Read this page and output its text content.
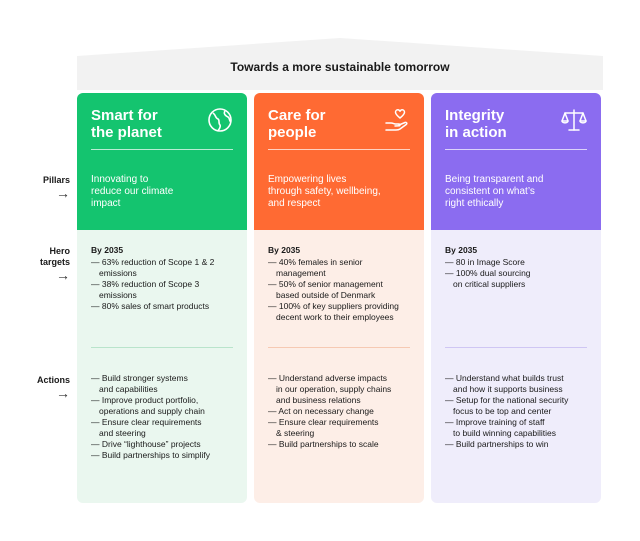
Towards a more sustainable tomorrow
Pillars
→
Hero
targets
→
Actions
→
Smart for
the planet
Innovating to
reduce our climate
impact
By 2035
— 63% reduction of Scope 1 & 2
emissions
— 38% reduction of Scope 3
emissions
— 80% sales of smart products
— Build stronger systems
and capabilities
— Improve product portfolio,
operations and supply chain
— Ensure clear requirements
and steering
— Drive “lighthouse” projects
— Build partnerships to simplify
Care for
people
Empowering lives
through safety, wellbeing,
and respect
By 2035
— 40% females in senior
management
— 50% of senior management
based outside of Denmark
— 100% of key suppliers providing
decent work to their employees
— Understand adverse impacts
in our operation, supply chains
and business relations
— Act on necessary change
— Ensure clear requirements
& steering
— Build partnerships to scale
Integrity
in action
Being transparent and
consistent on what’s
right ethically
By 2035
— 80 in Image Score
— 100% dual sourcing
on critical suppliers
— Understand what builds trust
and how it supports business
— Setup for the national security
focus to be top and center
— Improve training of staff
to build winning capabilities
— Build partnerships to win
